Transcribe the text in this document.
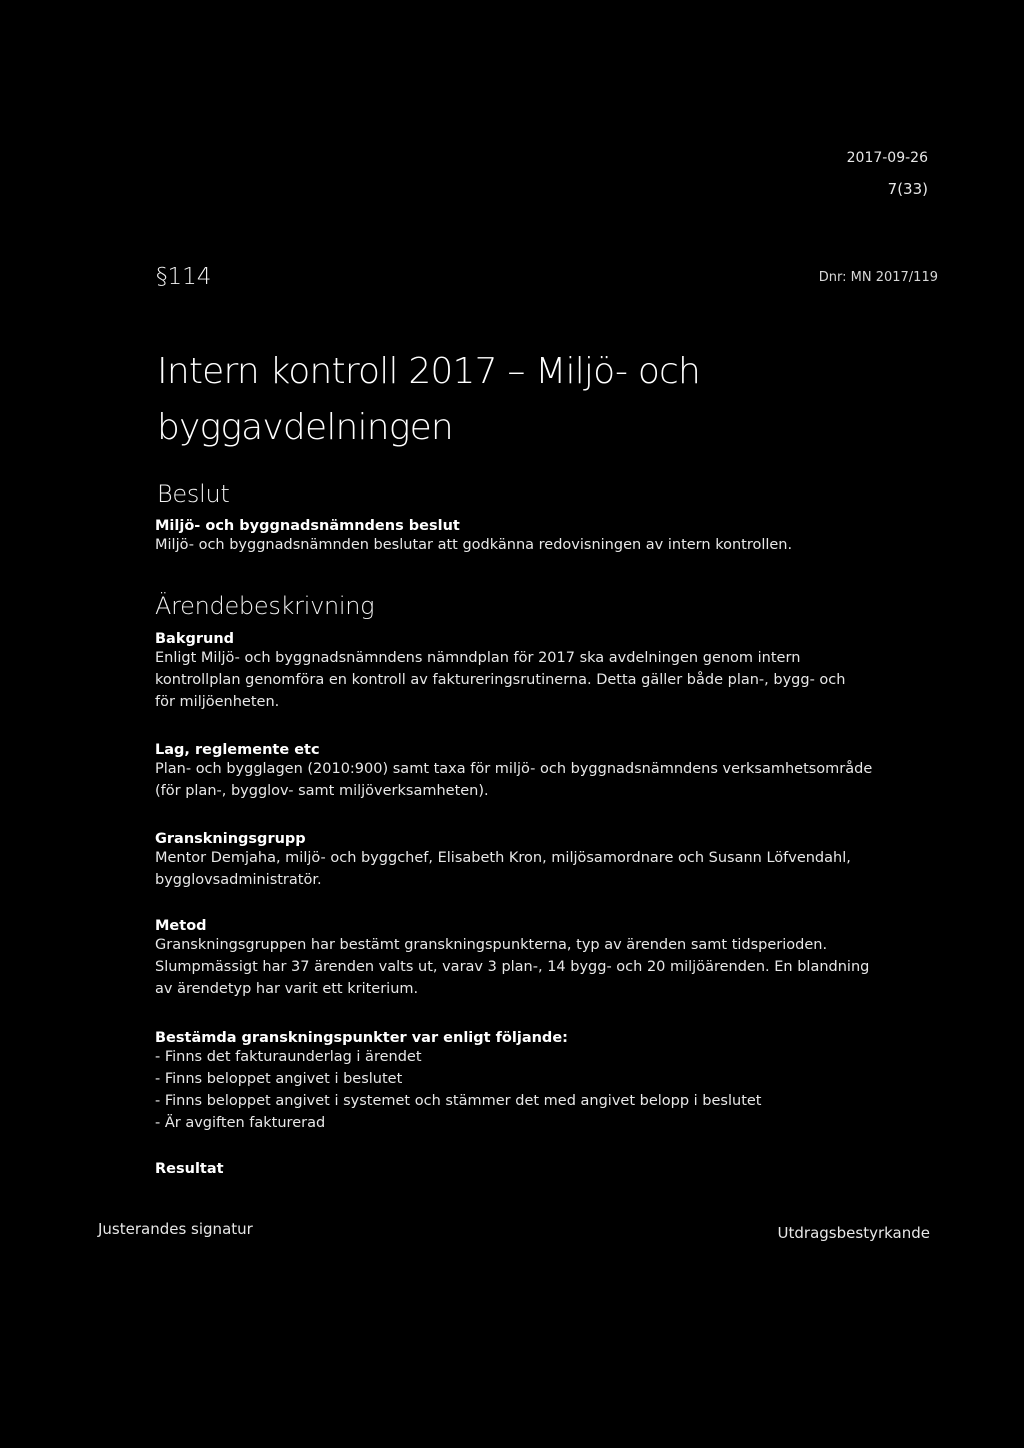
2017-09-26
7(33)
§114	Dnr: MN 2017/119
Intern kontroll 2017 – Miljö- och byggavdelningen
Beslut
Miljö- och byggnadsnämndens beslut
Miljö- och byggnadsnämnden beslutar att godkänna redovisningen av intern kontrollen.
Ärendebeskrivning
Bakgrund
Enligt Miljö- och byggnadsnämndens nämndplan för 2017 ska avdelningen genom intern
kontrollplan genomföra en kontroll av faktureringsrutinerna. Detta gäller både plan-, bygg- och
för miljöenheten.
Lag, reglemente etc
Plan- och bygglagen (2010:900) samt taxa för miljö- och byggnadsnämndens verksamhetsområde
(för plan-, bygglov- samt miljöverksamheten).
Granskningsgrupp
Mentor Demjaha, miljö- och byggchef, Elisabeth Kron, miljösamordnare och Susann Löfvendahl,
bygglovsadministratör.
Metod
Granskningsgruppen har bestämt granskningspunkterna, typ av ärenden samt tidsperioden.
Slumpmässigt har 37 ärenden valts ut, varav 3 plan-, 14 bygg- och 20 miljöärenden. En blandning
av ärendetyp har varit ett kriterium.
Bestämda granskningspunkter var enligt följande:
- Finns det fakturaunderlag i ärendet
- Finns beloppet angivet i beslutet
- Finns beloppet angivet i systemet och stämmer det med angivet belopp i beslutet
- Är avgiften fakturerad
Resultat
Justerandes signatur	Utdragsbestyrkande
